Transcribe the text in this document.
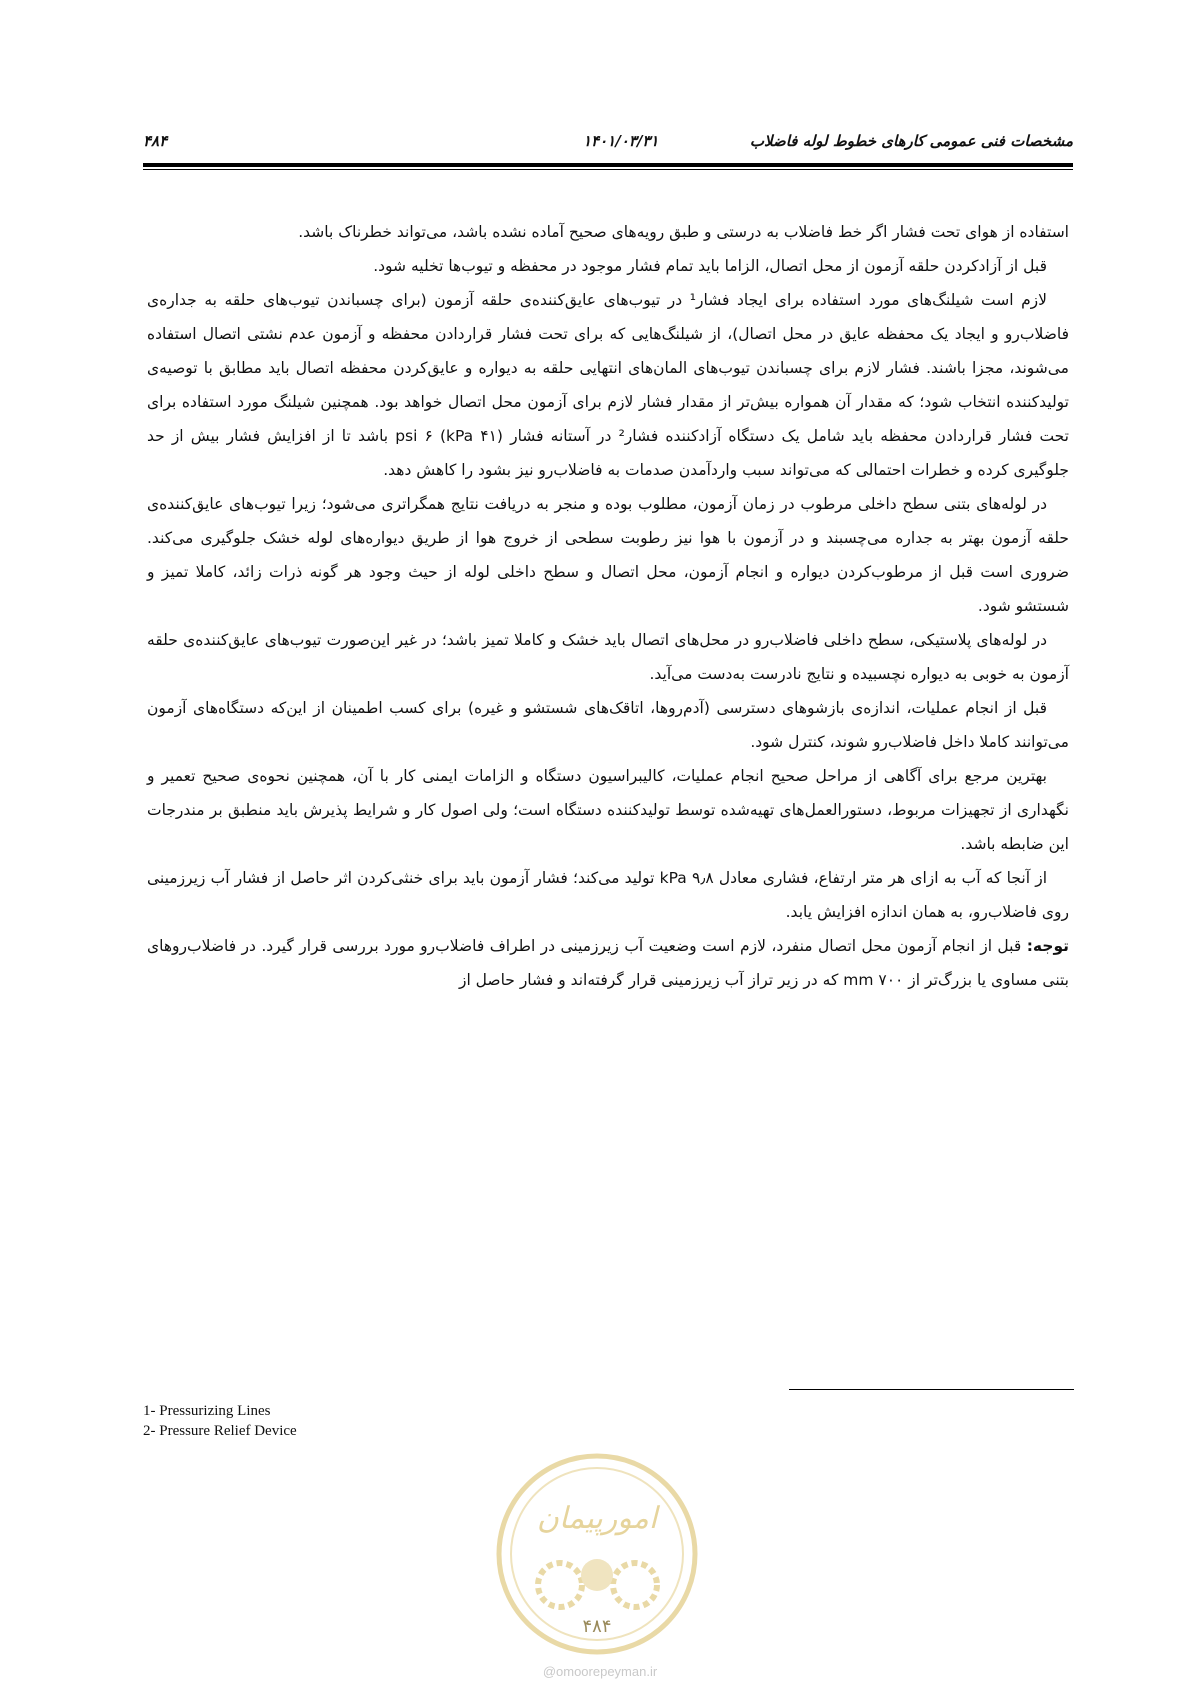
مشخصات فنی عمومی کارهای خطوط لوله فاضلاب
۱۴۰۱/۰۳/۳۱
۴۸۴

استفاده از هوای تحت فشار اگر خط فاضلاب به درستی و طبق رویه‌های صحیح آماده نشده باشد، می‌تواند خطرناک باشد.

قبل از آزادکردن حلقه آزمون از محل اتصال، الزاما باید تمام فشار موجود در محفظه و تیوب‌ها تخلیه شود.

لازم است شیلنگ‌های مورد استفاده برای ایجاد فشار¹ در تیوب‌های عایق‌کننده‌ی حلقه آزمون (برای چسباندن تیوب‌های حلقه به جداره‌ی فاضلاب‌رو و ایجاد یک محفظه عایق در محل اتصال)، از شیلنگ‌هایی که برای تحت فشار قراردادن محفظه و آزمون عدم نشتی اتصال استفاده می‌شوند، مجزا باشند. فشار لازم برای چسباندن تیوب‌های المان‌های انتهایی حلقه به دیواره و عایق‌کردن محفظه اتصال باید مطابق با توصیه‌ی تولیدکننده انتخاب شود؛ که مقدار آن همواره بیش‌تر از مقدار فشار لازم برای آزمون محل اتصال خواهد بود. همچنین شیلنگ مورد استفاده برای تحت فشار قراردادن محفظه باید شامل یک دستگاه آزادکننده فشار² در آستانه فشار psi ۶ (kPa ۴۱) باشد تا از افزایش فشار بیش از حد جلوگیری کرده و خطرات احتمالی که می‌تواند سبب واردآمدن صدمات به فاضلاب‌رو نیز بشود را کاهش دهد.

در لوله‌های بتنی سطح داخلی مرطوب در زمان آزمون، مطلوب بوده و منجر به دریافت نتایج همگراتری می‌شود؛ زیرا تیوب‌های عایق‌کننده‌ی حلقه آزمون بهتر به جداره می‌چسبند و در آزمون با هوا نیز رطوبت سطحی از خروج هوا از طریق دیواره‌های لوله خشک جلوگیری می‌کند. ضروری است قبل از مرطوب‌کردن دیواره و انجام آزمون، محل اتصال و سطح داخلی لوله از حیث وجود هر گونه ذرات زائد، کاملا تمیز و شستشو شود.

در لوله‌های پلاستیکی، سطح داخلی فاضلاب‌رو در محل‌های اتصال باید خشک و کاملا تمیز باشد؛ در غیر این‌صورت تیوب‌های عایق‌کننده‌ی حلقه آزمون به خوبی به دیواره نچسبیده و نتایج نادرست به‌دست می‌آید.

قبل از انجام عملیات، اندازه‌ی بازشوهای دسترسی (آدم‌روها، اتاقک‌های شستشو و غیره) برای کسب اطمینان از این‌که دستگاه‌های آزمون می‌توانند کاملا داخل فاضلاب‌رو شوند، کنترل شود.

بهترین مرجع برای آگاهی از مراحل صحیح انجام عملیات، کالیبراسیون دستگاه و الزامات ایمنی کار با آن، همچنین نحوه‌ی صحیح تعمیر و نگهداری از تجهیزات مربوط، دستورالعمل‌های تهیه‌شده توسط تولیدکننده دستگاه است؛ ولی اصول کار و شرایط پذیرش باید منطبق بر مندرجات این ضابطه باشد.

از آنجا که آب به ازای هر متر ارتفاع، فشاری معادل kPa ۹٫۸ تولید می‌کند؛ فشار آزمون باید برای خنثی‌کردن اثر حاصل از فشار آب زیرزمینی روی فاضلاب‌رو، به همان اندازه افزایش یابد.

توجه: قبل از انجام آزمون محل اتصال منفرد، لازم است وضعیت آب زیرزمینی در اطراف فاضلاب‌رو مورد بررسی قرار گیرد. در فاضلاب‌روهای بتنی مساوی یا بزرگ‌تر از mm ۷۰۰ که در زیر تراز آب زیرزمینی قرار گرفته‌اند و فشار حاصل از

1- Pressurizing Lines
2- Pressure Relief Device
امورپیمان
۴۸۴
@omoorepeyman.ir
